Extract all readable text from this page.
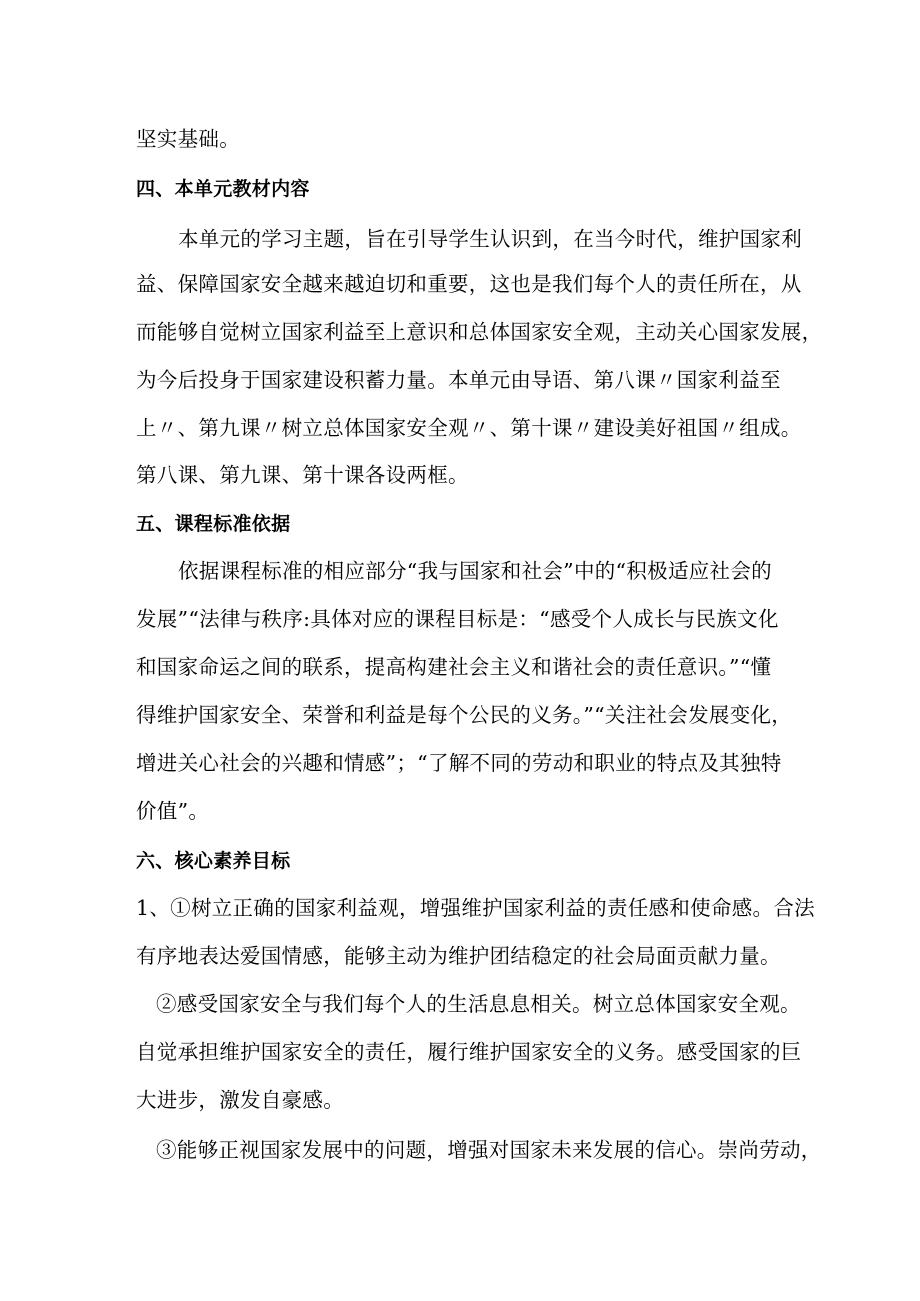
坚实基础。
四、本单元教材内容
本单元的学习主题，旨在引导学生认识到，在当今时代，维护国家利
益、保障国家安全越来越迫切和重要，这也是我们每个人的责任所在，从
而能够自觉树立国家利益至上意识和总体国家安全观，主动关心国家发展，
为今后投身于国家建设积蓄力量。本单元由导语、第八课〃国家利益至
上〃、第九课〃树立总体国家安全观〃、第十课〃建设美好祖国〃组成。
第八课、第九课、第十课各设两框。
五、课程标准依据
依据课程标准的相应部分“我与国家和社会”中的“积极适应社会的
发展”“法律与秩序:具体对应的课程目标是：“感受个人成长与民族文化
和国家命运之间的联系，提高构建社会主义和谐社会的责任意识。”“懂
得维护国家安全、荣誉和利益是每个公民的义务。”“关注社会发展变化，
增进关心社会的兴趣和情感”；“了解不同的劳动和职业的特点及其独特
价值”。
六、核心素养目标
1、①树立正确的国家利益观，增强维护国家利益的责任感和使命感。合法
有序地表达爱国情感，能够主动为维护团结稳定的社会局面贡献力量。
②感受国家安全与我们每个人的生活息息相关。树立总体国家安全观。
自觉承担维护国家安全的责任，履行维护国家安全的义务。感受国家的巨
大进步，激发自豪感。
③能够正视国家发展中的问题，增强对国家未来发展的信心。崇尚劳动，
